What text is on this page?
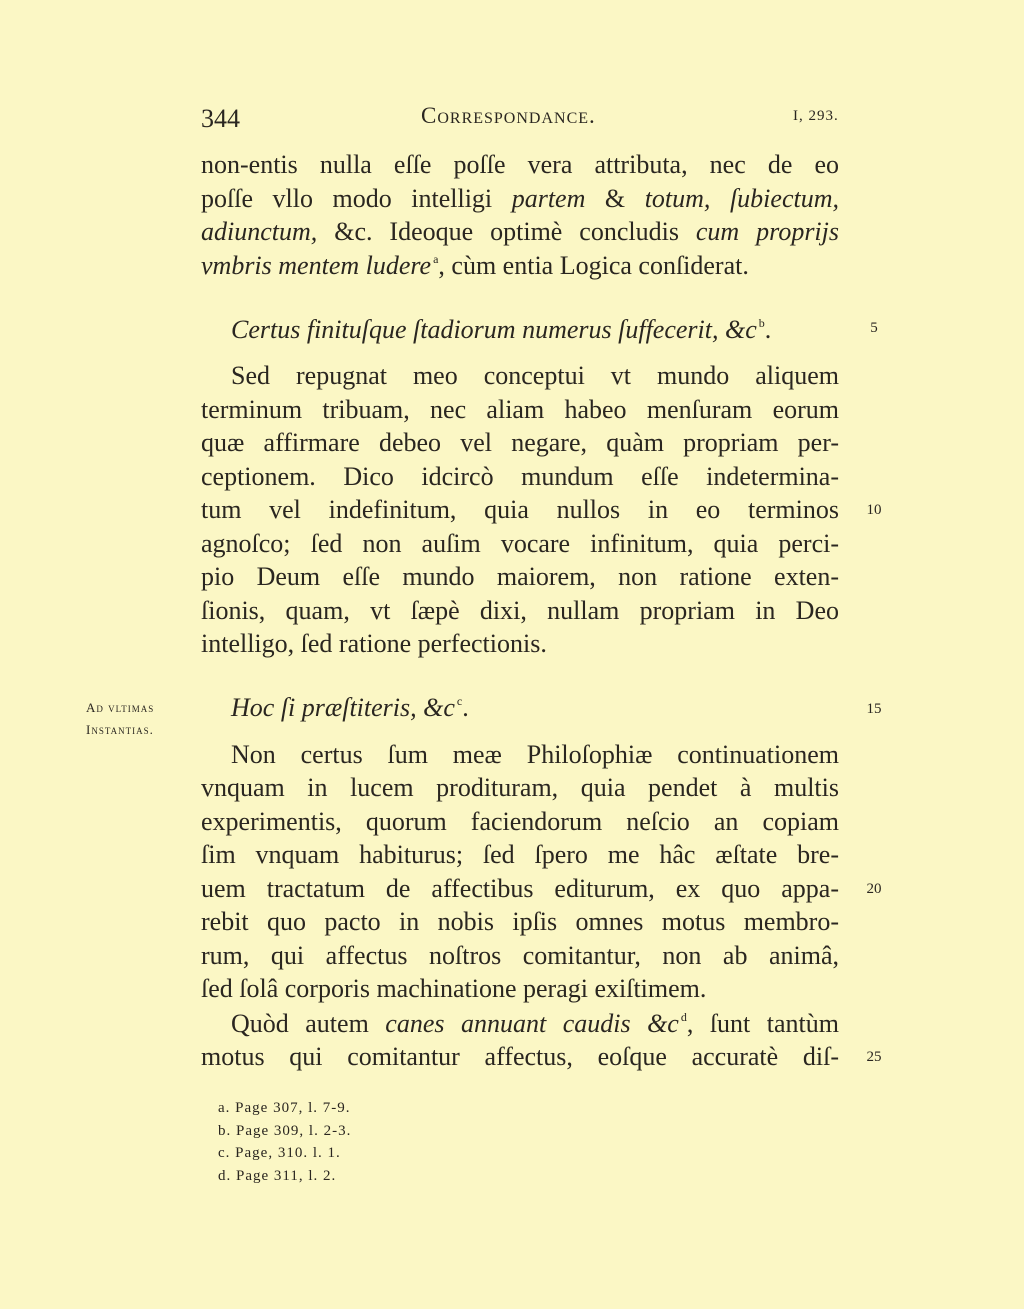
344	Correspondance.	I, 293.
non-entis nulla eſſe poſſe vera attributa, nec de eo
poſſe vllo modo intelligi partem & totum, ſubiectum,
adiunctum, &c. Ideoque optimè concludis cum proprijs
vmbris mentem ludere $^a$, cùm entia Logica conſiderat.
Certus finituſque ſtadiorum numerus ſuffecerit, &c $^b$.	5
Sed repugnat meo conceptui vt mundo aliquem
terminum tribuam, nec aliam habeo menſuram eorum
quæ affirmare debeo vel negare, quàm propriam per-
ceptionem. Dico idcircò mundum eſſe indetermina-
tum vel indefinitum, quia nullos in eo terminos	10
agnoſco; ſed non auſim vocare infinitum, quia perci-
pio Deum eſſe mundo maiorem, non ratione exten-
ſionis, quam, vt ſæpè dixi, nullam propriam in Deo
intelligo, ſed ratione perfectionis.
Ad vltimas
Instantias.
Hoc ſi præſtiteris, &c $^c$.	15
Non certus ſum meæ Philoſophiæ continuationem
vnquam in lucem prodituram, quia pendet à multis
experimentis, quorum faciendorum neſcio an copiam
ſim vnquam habiturus; ſed ſpero me hâc æſtate bre-
uem tractatum de affectibus editurum, ex quo appa-	20
rebit quo pacto in nobis ipſis omnes motus membro-
rum, qui affectus noſtros comitantur, non ab animâ,
ſed ſolâ corporis machinatione peragi exiſtimem.
Quòd autem canes annuant caudis &c $^d$, ſunt tantùm
motus qui comitantur affectus, eoſque accuratè diſ-	25
a. Page 307, l. 7-9.
b. Page 309, l. 2-3.
c. Page, 310. l. 1.
d. Page 311, l. 2.
